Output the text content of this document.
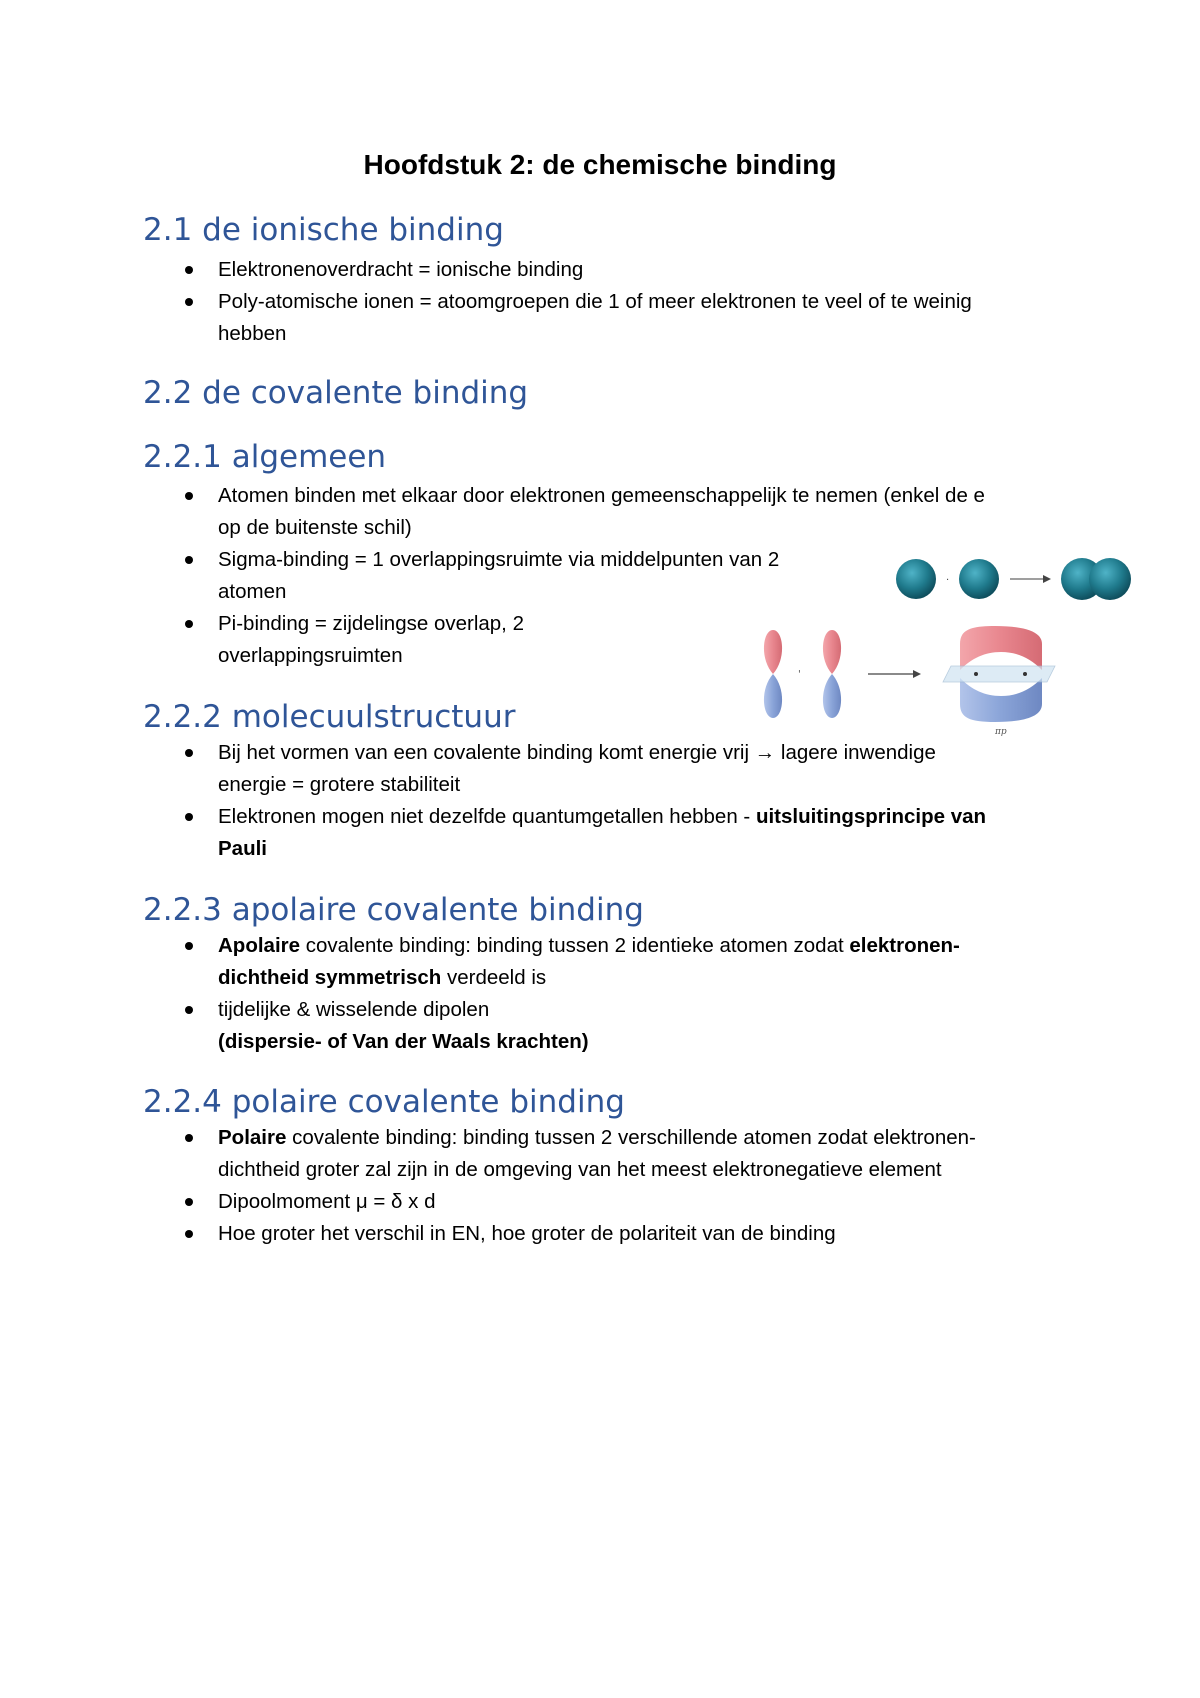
Hoofdstuk 2: de chemische binding
2.1 de ionische binding
Elektronenoverdracht = ionische binding
Poly-atomische ionen = atoomgroepen die 1 of meer elektronen te veel of te weinig
hebben
2.2 de covalente binding
2.2.1 algemeen
Atomen binden met elkaar door elektronen gemeenschappelijk te nemen (enkel de e
op de buitenste schil)
Sigma-binding = 1 overlappingsruimte via middelpunten van 2
atomen
Pi-binding = zijdelingse overlap, 2
overlappingsruimten
·
'
πp
2.2.2 molecuulstructuur
Bij het vormen van een covalente binding komt energie vrij → lagere inwendige
energie = grotere stabiliteit
Elektronen mogen niet dezelfde quantumgetallen hebben - uitsluitingsprincipe van
Pauli
2.2.3 apolaire covalente binding
Apolaire covalente binding: binding tussen 2 identieke atomen zodat elektronen-
dichtheid symmetrisch verdeeld is
tijdelijke & wisselende dipolen
(dispersie- of Van der Waals krachten)
2.2.4 polaire covalente binding
Polaire covalente binding: binding tussen 2 verschillende atomen zodat elektronen-
dichtheid groter zal zijn in de omgeving van het meest elektronegatieve element
Dipoolmoment μ = δ x d
Hoe groter het verschil in EN, hoe groter de polariteit van de binding
